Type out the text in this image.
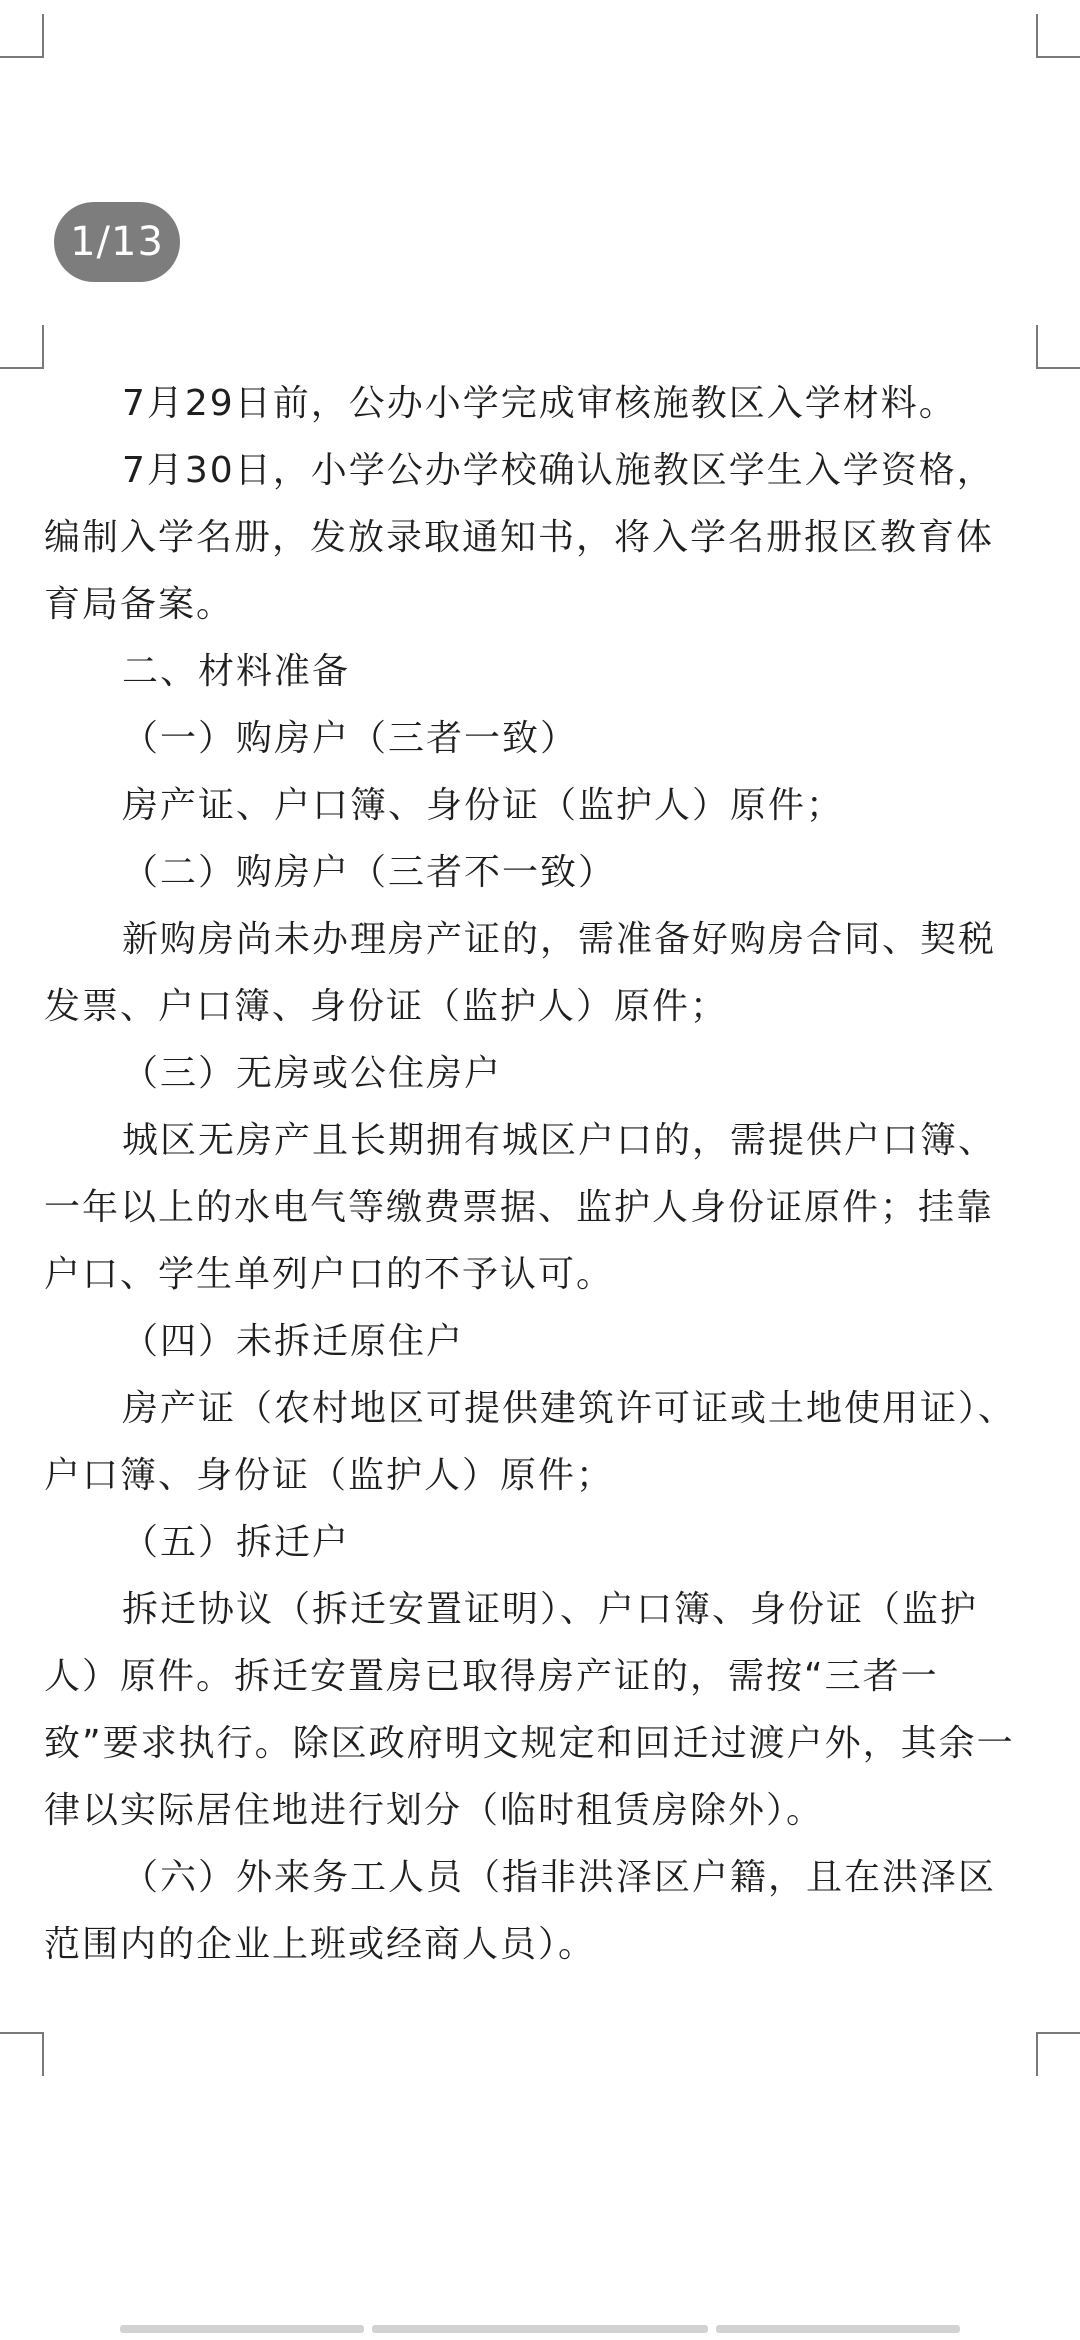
1/13

7月29日前，公办小学完成审核施教区入学材料。

7月30日，小学公办学校确认施教区学生入学资格，编制入学名册，发放录取通知书，将入学名册报区教育体育局备案。

二、材料准备

（一）购房户（三者一致）

房产证、户口簿、身份证（监护人）原件；

（二）购房户（三者不一致）

新购房尚未办理房产证的，需准备好购房合同、契税发票、户口簿、身份证（监护人）原件；

（三）无房或公住房户

城区无房产且长期拥有城区户口的，需提供户口簿、一年以上的水电气等缴费票据、监护人身份证原件；挂靠户口、学生单列户口的不予认可。

（四）未拆迁原住户

房产证（农村地区可提供建筑许可证或土地使用证）、户口簿、身份证（监护人）原件；

（五）拆迁户

拆迁协议（拆迁安置证明）、户口簿、身份证（监护人）原件。拆迁安置房已取得房产证的，需按“三者一致”要求执行。除区政府明文规定和回迁过渡户外，其余一律以实际居住地进行划分（临时租赁房除外）。

（六）外来务工人员（指非洪泽区户籍，且在洪泽区范围内的企业上班或经商人员）。
